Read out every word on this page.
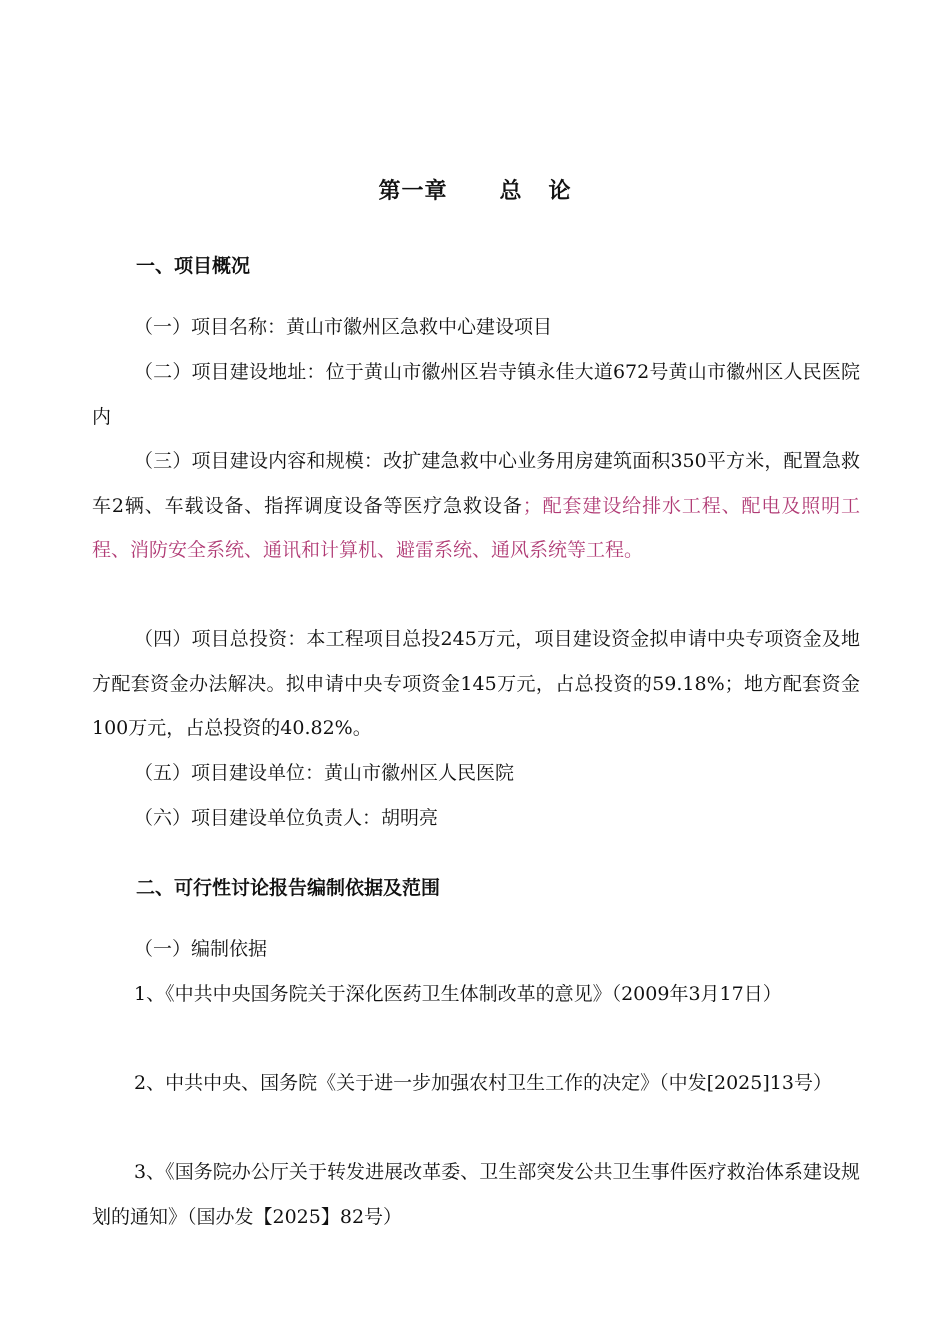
第一章      总   论
一、项目概况

（一）项目名称：黄山市徽州区急救中心建设项目

（二）项目建设地址：位于黄山市徽州区岩寺镇永佳大道672号黄山市徽州区人民医院内

（三）项目建设内容和规模：改扩建急救中心业务用房建筑面积350平方米，配置急救车2辆、车载设备、指挥调度设备等医疗急救设备；配套建设给排水工程、配电及照明工程、消防安全系统、通讯和计算机、避雷系统、通风系统等工程。

（四）项目总投资：本工程项目总投245万元，项目建设资金拟申请中央专项资金及地方配套资金办法解决。拟申请中央专项资金145万元，占总投资的59.18%；地方配套资金100万元，占总投资的40.82%。

（五）项目建设单位：黄山市徽州区人民医院

（六）项目建设单位负责人：胡明亮

二、可行性讨论报告编制依据及范围

（一）编制依据

1、《中共中央国务院关于深化医药卫生体制改革的意见》（2009年3月17日）

2、中共中央、国务院《关于进一步加强农村卫生工作的决定》（中发[2025]13号）

3、《国务院办公厅关于转发进展改革委、卫生部突发公共卫生事件医疗救治体系建设规划的通知》（国办发【2025】82号）
